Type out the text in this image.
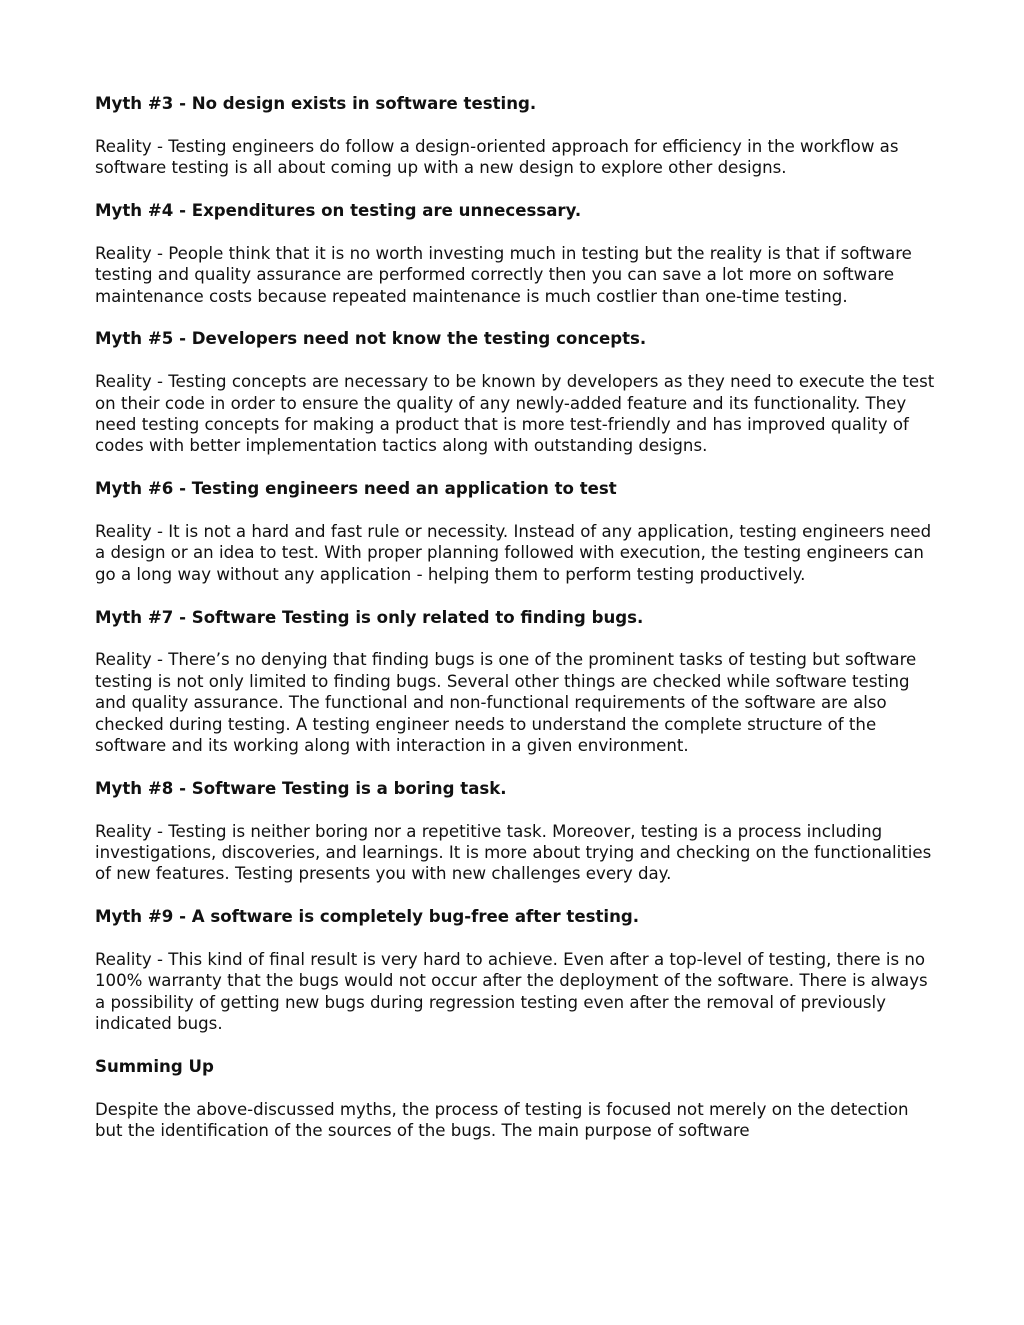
Myth #3 - No design exists in software testing.

Reality - Testing engineers do follow a design-oriented approach for efficiency in the workflow as software testing is all about coming up with a new design to explore other designs.

Myth #4 - Expenditures on testing are unnecessary.

Reality - People think that it is no worth investing much in testing but the reality is that if software testing and quality assurance are performed correctly then you can save a lot more on software maintenance costs because repeated maintenance is much costlier than one-time testing.

Myth #5 - Developers need not know the testing concepts.

Reality - Testing concepts are necessary to be known by developers as they need to execute the test on their code in order to ensure the quality of any newly-added feature and its functionality. They need testing concepts for making a product that is more test-friendly and has improved quality of codes with better implementation tactics along with outstanding designs.

Myth #6 - Testing engineers need an application to test

Reality - It is not a hard and fast rule or necessity. Instead of any application, testing engineers need a design or an idea to test. With proper planning followed with execution, the testing engineers can go a long way without any application - helping them to perform testing productively.

Myth #7 - Software Testing is only related to finding bugs.

Reality - There’s no denying that finding bugs is one of the prominent tasks of testing but software testing is not only limited to finding bugs. Several other things are checked while software testing and quality assurance. The functional and non-functional requirements of the software are also checked during testing. A testing engineer needs to understand the complete structure of the software and its working along with interaction in a given environment.

Myth #8 - Software Testing is a boring task.

Reality - Testing is neither boring nor a repetitive task. Moreover, testing is a process including investigations, discoveries, and learnings. It is more about trying and checking on the functionalities of new features. Testing presents you with new challenges every day.

Myth #9 - A software is completely bug-free after testing.

Reality - This kind of final result is very hard to achieve. Even after a top-level of testing, there is no 100% warranty that the bugs would not occur after the deployment of the software. There is always a possibility of getting new bugs during regression testing even after the removal of previously indicated bugs.

Summing Up

Despite the above-discussed myths, the process of testing is focused not merely on the detection but the identification of the sources of the bugs. The main purpose of software
